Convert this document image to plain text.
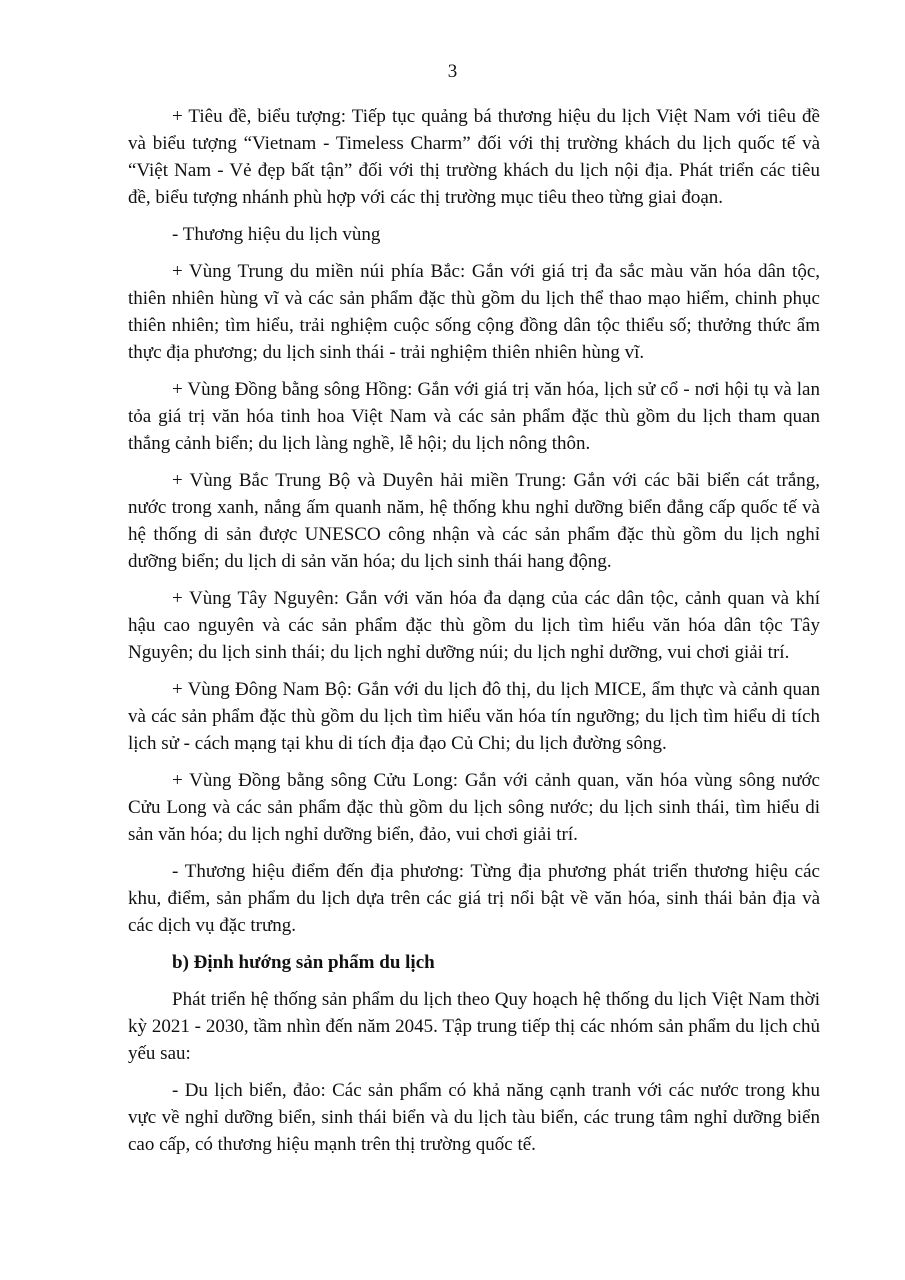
3

+ Tiêu đề, biểu tượng: Tiếp tục quảng bá thương hiệu du lịch Việt Nam với tiêu đề và biểu tượng “Vietnam - Timeless Charm” đối với thị trường khách du lịch quốc tế và “Việt Nam - Vẻ đẹp bất tận” đối với thị trường khách du lịch nội địa. Phát triển các tiêu đề, biểu tượng nhánh phù hợp với các thị trường mục tiêu theo từng giai đoạn.

- Thương hiệu du lịch vùng

+ Vùng Trung du miền núi phía Bắc: Gắn với giá trị đa sắc màu văn hóa dân tộc, thiên nhiên hùng vĩ và các sản phẩm đặc thù gồm du lịch thể thao mạo hiểm, chinh phục thiên nhiên; tìm hiểu, trải nghiệm cuộc sống cộng đồng dân tộc thiểu số; thưởng thức ẩm thực địa phương; du lịch sinh thái - trải nghiệm thiên nhiên hùng vĩ.

+ Vùng Đồng bằng sông Hồng: Gắn với giá trị văn hóa, lịch sử cổ - nơi hội tụ và lan tỏa giá trị văn hóa tinh hoa Việt Nam và các sản phẩm đặc thù gồm du lịch tham quan thắng cảnh biển; du lịch làng nghề, lễ hội; du lịch nông thôn.

+ Vùng Bắc Trung Bộ và Duyên hải miền Trung: Gắn với các bãi biển cát trắng, nước trong xanh, nắng ấm quanh năm, hệ thống khu nghỉ dưỡng biển đẳng cấp quốc tế và hệ thống di sản được UNESCO công nhận và các sản phẩm đặc thù gồm du lịch nghỉ dưỡng biển; du lịch di sản văn hóa; du lịch sinh thái hang động.

+ Vùng Tây Nguyên: Gắn với văn hóa đa dạng của các dân tộc, cảnh quan và khí hậu cao nguyên và các sản phẩm đặc thù gồm du lịch tìm hiểu văn hóa dân tộc Tây Nguyên; du lịch sinh thái; du lịch nghỉ dưỡng núi; du lịch nghỉ dưỡng, vui chơi giải trí.

+ Vùng Đông Nam Bộ: Gắn với du lịch đô thị, du lịch MICE, ẩm thực và cảnh quan và các sản phẩm đặc thù gồm du lịch tìm hiểu văn hóa tín ngưỡng; du lịch tìm hiểu di tích lịch sử - cách mạng tại khu di tích địa đạo Củ Chi; du lịch đường sông.

+ Vùng Đồng bằng sông Cửu Long: Gắn với cảnh quan, văn hóa vùng sông nước Cửu Long và các sản phẩm đặc thù gồm du lịch sông nước; du lịch sinh thái, tìm hiểu di sản văn hóa; du lịch nghỉ dưỡng biển, đảo, vui chơi giải trí.

- Thương hiệu điểm đến địa phương: Từng địa phương phát triển thương hiệu các khu, điểm, sản phẩm du lịch dựa trên các giá trị nổi bật về văn hóa, sinh thái bản địa và các dịch vụ đặc trưng.

b) Định hướng sản phẩm du lịch

Phát triển hệ thống sản phẩm du lịch theo Quy hoạch hệ thống du lịch Việt Nam thời kỳ 2021 - 2030, tầm nhìn đến năm 2045. Tập trung tiếp thị các nhóm sản phẩm du lịch chủ yếu sau:

- Du lịch biển, đảo: Các sản phẩm có khả năng cạnh tranh với các nước trong khu vực về nghỉ dưỡng biển, sinh thái biển và du lịch tàu biển, các trung tâm nghỉ dưỡng biển cao cấp, có thương hiệu mạnh trên thị trường quốc tế.
